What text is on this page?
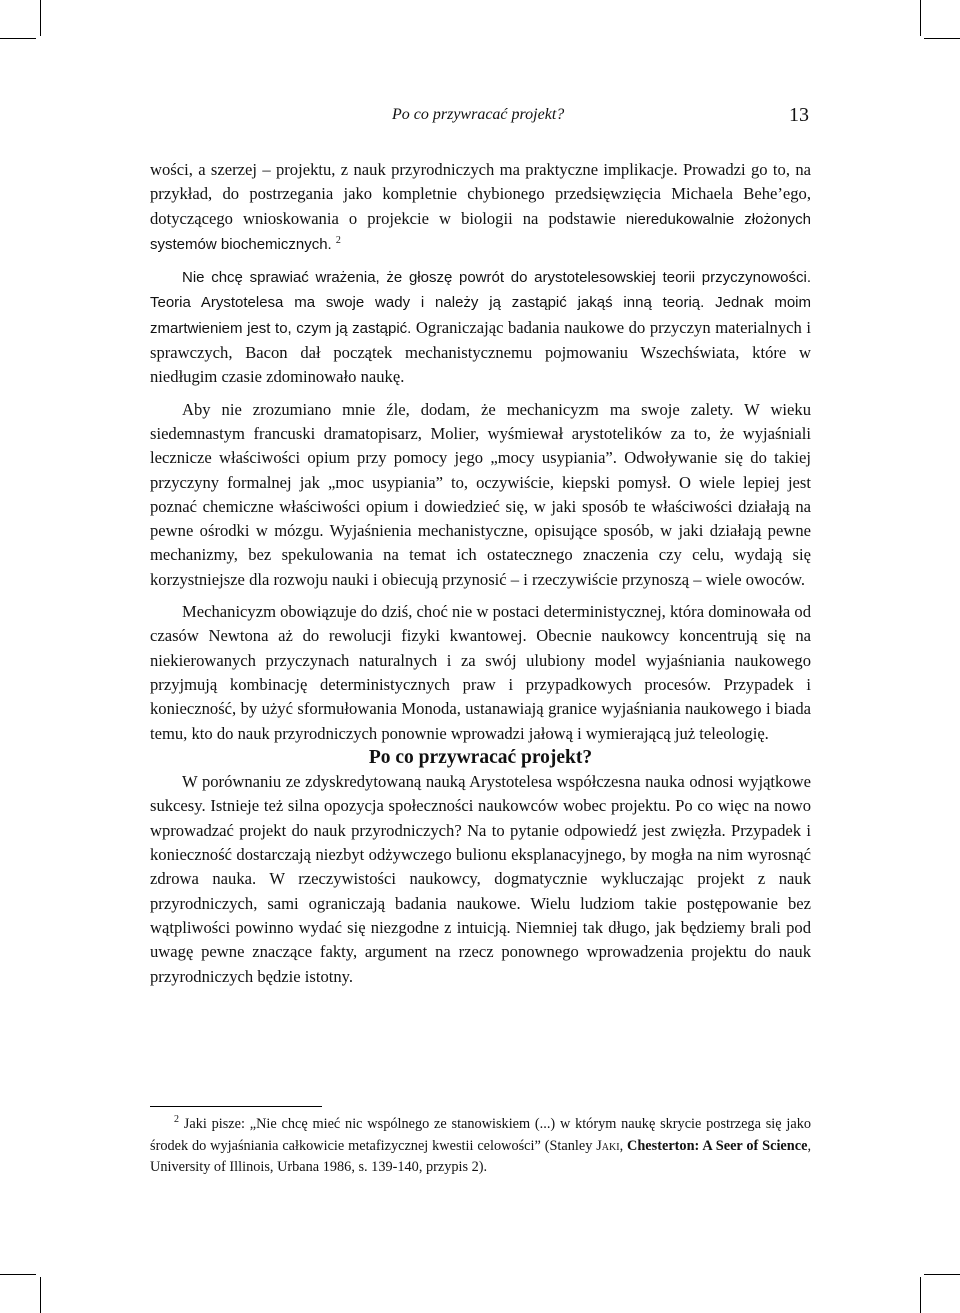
Po co przywracać projekt?	13

wości, a szerzej – projektu, z nauk przyrodniczych ma praktyczne implikacje. Prowadzi go to, na przykład, do postrzegania jako kompletnie chybionego przedsięwzięcia Michaela Behe’ego, dotyczącego wnioskowania o projekcie w biologii na podstawie nieredukowalnie złożonych systemów biochemicznych. $^2$

Nie chcę sprawiać wrażenia, że głoszę powrót do arystotelesowskiej teorii przyczynowości. Teoria Arystotelesa ma swoje wady i należy ją zastąpić jakąś inną teorią. Jednak moim zmartwieniem jest to, czym ją zastąpić. Ograniczając badania naukowe do przyczyn materialnych i sprawczych, Bacon dał początek mechanistycznemu pojmowaniu Wszechświata, które w niedługim czasie zdominowało naukę.

Aby nie zrozumiano mnie źle, dodam, że mechanicyzm ma swoje zalety. W wieku siedemnastym francuski dramatopisarz, Molier, wyśmiewał arystotelików za to, że wyjaśniali lecznicze właściwości opium przy pomocy jego „mocy usypiania”. Odwoływanie się do takiej przyczyny formalnej jak „moc usypiania” to, oczywiście, kiepski pomysł. O wiele lepiej jest poznać chemiczne właściwości opium i dowiedzieć się, w jaki sposób te właściwości działają na pewne ośrodki w mózgu. Wyjaśnienia mechanistyczne, opisujące sposób, w jaki działają pewne mechanizmy, bez spekulowania na temat ich ostatecznego znaczenia czy celu, wydają się korzystniejsze dla rozwoju nauki i obiecują przynosić – i rzeczywiście przynoszą – wiele owoców.

Mechanicyzm obowiązuje do dziś, choć nie w postaci deterministycznej, która dominowała od czasów Newtona aż do rewolucji fizyki kwantowej. Obecnie naukowcy koncentrują się na niekierowanych przyczynach naturalnych i za swój ulubiony model wyjaśniania naukowego przyjmują kombinację deterministycznych praw i przypadkowych procesów. Przypadek i konieczność, by użyć sformułowania Monoda, ustanawiają granice wyjaśniania naukowego i biada temu, kto do nauk przyrodniczych ponownie wprowadzi jałową i wymierającą już teleologię.

Po co przywracać projekt?

W porównaniu ze zdyskredytowaną nauką Arystotelesa współczesna nauka odnosi wyjątkowe sukcesy. Istnieje też silna opozycja społeczności naukowców wobec projektu. Po co więc na nowo wprowadzać projekt do nauk przyrodniczych? Na to pytanie odpowiedź jest zwięzła. Przypadek i konieczność dostarczają niezbyt odżywczego bulionu eksplanacyjnego, by mogła na nim wyrosnąć zdrowa nauka. W rzeczywistości naukowcy, dogmatycznie wykluczając projekt z nauk przyrodniczych, sami ograniczają badania naukowe. Wielu ludziom takie postępowanie bez wątpliwości powinno wydać się niezgodne z intuicją. Niemniej tak długo, jak będziemy brali pod uwagę pewne znaczące fakty, argument na rzecz ponownego wprowadzenia projektu do nauk przyrodniczych będzie istotny.

$^2$ Jaki pisze: „Nie chcę mieć nic wspólnego ze stanowiskiem (...) w którym naukę skrycie postrzega się jako środek do wyjaśniania całkowicie metafizycznej kwestii celowości” (Stanley Jaki, Chesterton: A Seer of Science, University of Illinois, Urbana 1986, s. 139-140, przypis 2).
